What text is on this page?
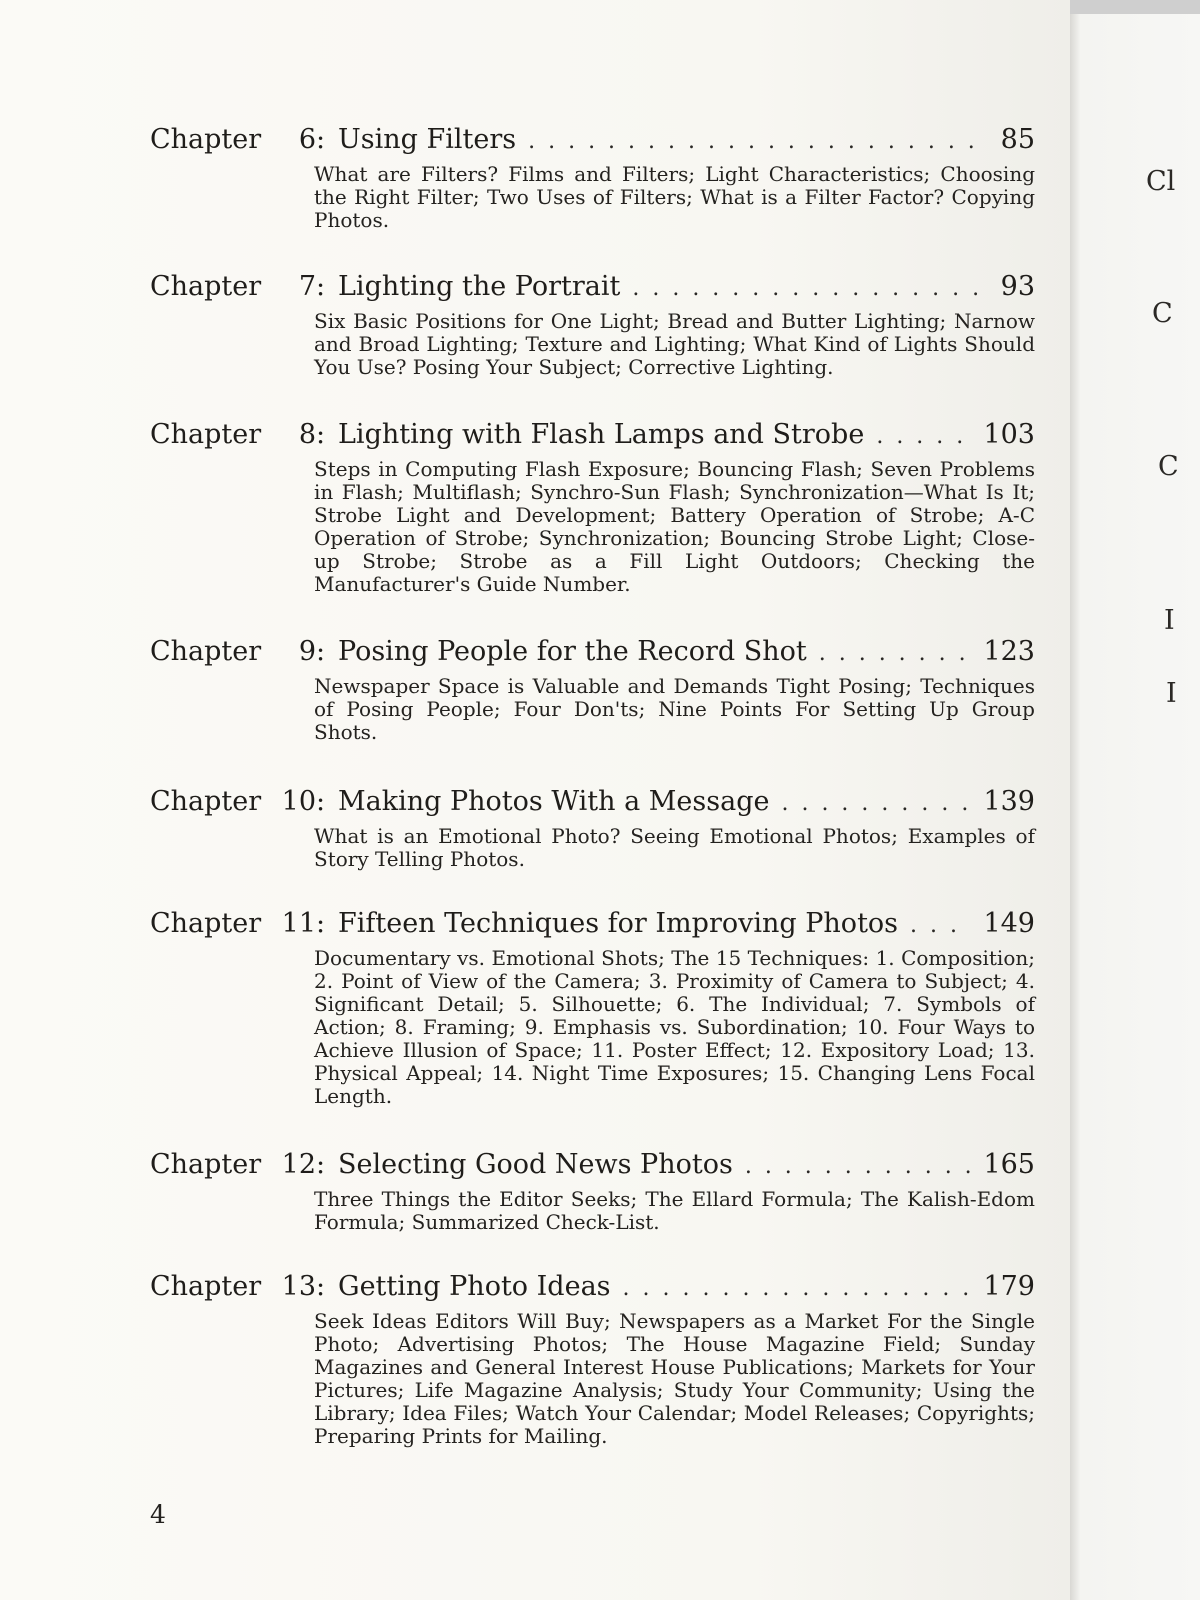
Chapter	6 : Using Filters . . .	85
What are Filters? Films and Filters; Light Characteristics; Choosing the Right Filter; Two Uses of Filters; What is a Filter Factor? Copying Photos.
Chapter	7 : Lighting the Portrait . . .	93
Six Basic Positions for One Light; Bread and Butter Lighting; Narnow and Broad Lighting; Texture and Lighting; What Kind of Lights Should You Use? Posing Your Subject; Corrective Lighting.
Chapter	8 : Lighting with Flash Lamps and Strobe . . .	103
Steps in Computing Flash Exposure; Bouncing Flash; Seven Problems in Flash; Multiflash; Synchro-Sun Flash; Synchronization—What Is It; Strobe Light and Development; Battery Operation of Strobe; A-C Operation of Strobe; Synchronization; Bouncing Strobe Light; Close-up Strobe; Strobe as a Fill Light Outdoors; Checking the Manufacturer's Guide Number.
Chapter	9 : Posing People for the Record Shot . . .	123
Newspaper Space is Valuable and Demands Tight Posing; Techniques of Posing People; Four Don'ts; Nine Points For Setting Up Group Shots.
Chapter 10 : Making Photos With a Message . . .	139
What is an Emotional Photo? Seeing Emotional Photos; Examples of Story Telling Photos.
Chapter 11 : Fifteen Techniques for Improving Photos . . .	149
Documentary vs. Emotional Shots; The 15 Techniques: 1. Composition; 2. Point of View of the Camera; 3. Proximity of Camera to Subject; 4. Significant Detail; 5. Silhouette; 6. The Individual; 7. Symbols of Action; 8. Framing; 9. Emphasis vs. Subordination; 10. Four Ways to Achieve Illusion of Space; 11. Poster Effect; 12. Expository Load; 13. Physical Appeal; 14. Night Time Exposures; 15. Changing Lens Focal Length.
Chapter 12 : Selecting Good News Photos . . .	165
Three Things the Editor Seeks; The Ellard Formula; The Kalish-Edom Formula; Summarized Check-List.
Chapter 13 : Getting Photo Ideas . . .	179
Seek Ideas Editors Will Buy; Newspapers as a Market For the Single Photo; Advertising Photos; The House Magazine Field; Sunday Magazines and General Interest House Publications; Markets for Your Pictures; Life Magazine Analysis; Study Your Community; Using the Library; Idea Files; Watch Your Calendar; Model Releases; Copyrights; Preparing Prints for Mailing.
4
Cl
C
C
I
I
